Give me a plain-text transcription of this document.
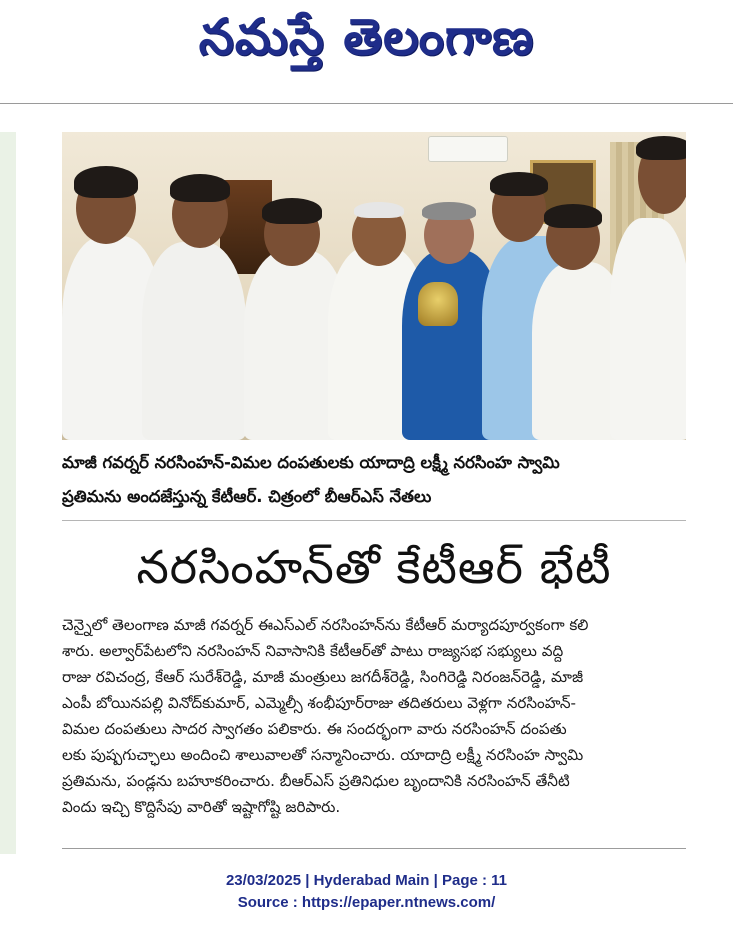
నమస్తే తెలంగాణ
మాజీ గవర్నర్ నరసింహన్-విమల దంపతులకు యాదాద్రి లక్ష్మీ నరసింహ స్వామి
ప్రతిమను అందజేస్తున్న కేటీఆర్. చిత్రంలో బీఆర్ఎస్ నేతలు
నరసింహన్‌తో కేటీఆర్ భేటీ
చెన్నైలో తెలంగాణ మాజీ గవర్నర్ ఈఎస్ఎల్ నరసింహన్‌ను కేటీఆర్ మర్యాదపూర్వకంగా కలి
శారు. అల్వార్‌పేటలోని నరసింహన్ నివాసానికి కేటీఆర్‌తో పాటు రాజ్యసభ సభ్యులు వద్ది
రాజు రవిచంద్ర, కేఆర్ సురేశ్‌రెడ్డి, మాజీ మంత్రులు జగదీశ్‌రెడ్డి, సింగిరెడ్డి నిరంజన్‌రెడ్డి, మాజీ
ఎంపీ బోయినపల్లి వినోద్‌కుమార్, ఎమ్మెల్సీ శంభీపూర్‌రాజు తదితరులు వెళ్లగా నరసింహన్-
విమల దంపతులు సాదర స్వాగతం పలికారు. ఈ సందర్భంగా వారు నరసింహన్ దంపతు
లకు పుష్పగుచ్ఛాలు అందించి శాలువాలతో సన్మానించారు. యాదాద్రి లక్ష్మీ నరసింహ స్వామి
ప్రతిమను, పండ్లను బహూకరించారు. బీఆర్ఎస్ ప్రతినిధుల బృందానికి నరసింహన్ తేనీటి
విందు ఇచ్చి కొద్దిసేపు వారితో ఇష్టాగోష్టి జరిపారు.
23/03/2025 | Hyderabad Main | Page : 11
Source : https://epaper.ntnews.com/
